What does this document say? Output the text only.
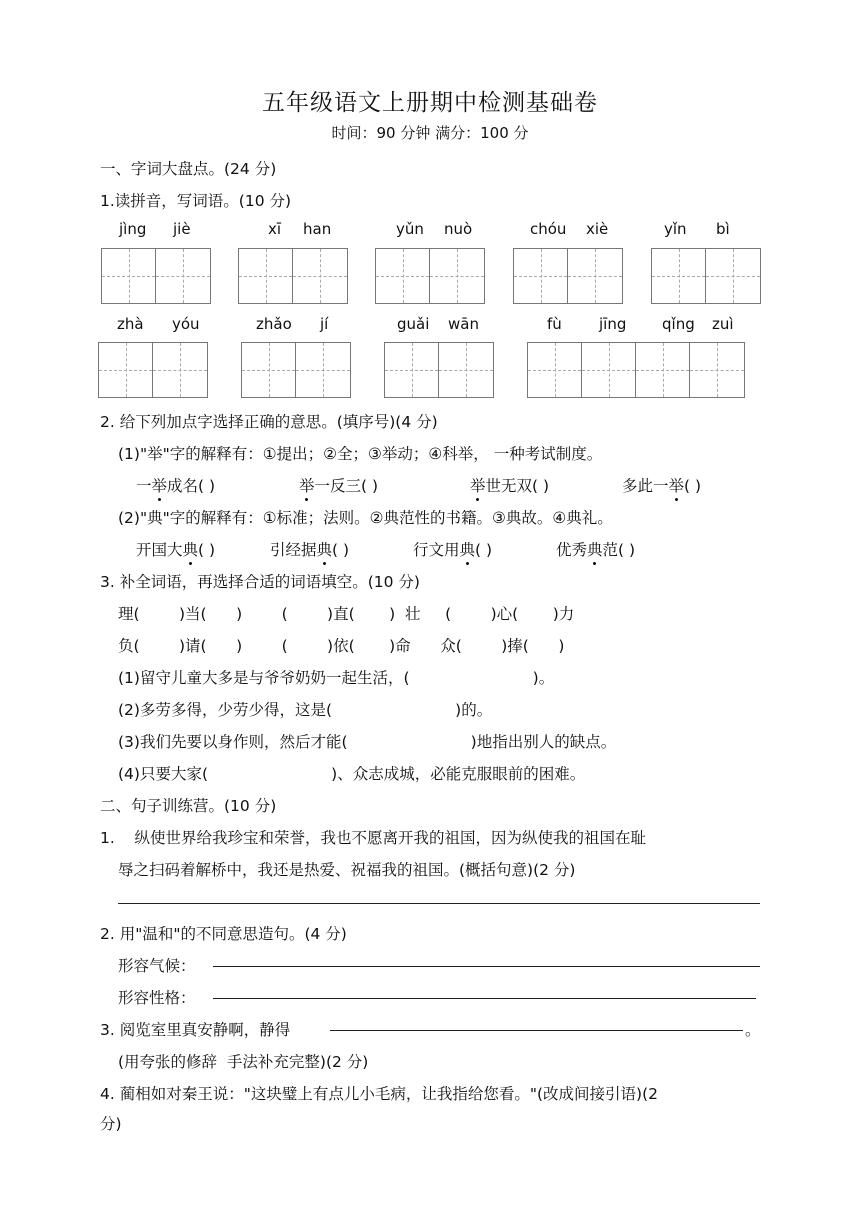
五年级语文上册期中检测基础卷
时间：90 分钟 满分：100 分
一、字词大盘点。(24 分)
1.读拼音，写词语。(10 分)
jìng jiè	xī han	yǔn nuò	chóu xiè	yǐn bì
zhà yóu	zhǎo jí	guǎi wān	fù jīng qǐng zuì
2. 给下列加点字选择正确的意思。(填序号)(4 分)
(1)"举"字的解释有：①提出；②全；③举动；④科举， 一种考试制度。
一举成名( )	举一反三( )	举世无双( )	多此一举( )
(2)"典"字的解释有：①标准；法则。②典范性的书籍。③典故。④典礼。
开国大典( )	引经据典( )	行文用典( )	优秀典范( )
3. 补全词语，再选择合适的词语填空。(10 分)
理(        )当(      )        (        )直(       )  壮     (        )心(       )力
负(        )请(      )        (        )依(       )命      众(        )捧(      )
(1)留守儿童大多是与爷爷奶奶一起生活，(                         )。
(2)多劳多得，少劳少得，这是(                         )的。
(3)我们先要以身作则，然后才能(                         )地指出别人的缺点。
(4)只要大家(                         )、众志成城，必能克服眼前的困难。
二、句子训练营。(10 分)
1.    纵使世界给我珍宝和荣誉，我也不愿离开我的祖国，因为纵使我的祖国在耻
辱之扫码着解桥中，我还是热爱、祝福我的祖国。(概括句意)(2 分)
2. 用"温和"的不同意思造句。(4 分)
形容气候：
形容性格：
3. 阅览室里真安静啊，静得	。
(用夸张的修辞  手法补充完整)(2 分)
4. 蔺相如对秦王说："这块璧上有点儿小毛病，让我指给您看。"(改成间接引语)(2
分)
